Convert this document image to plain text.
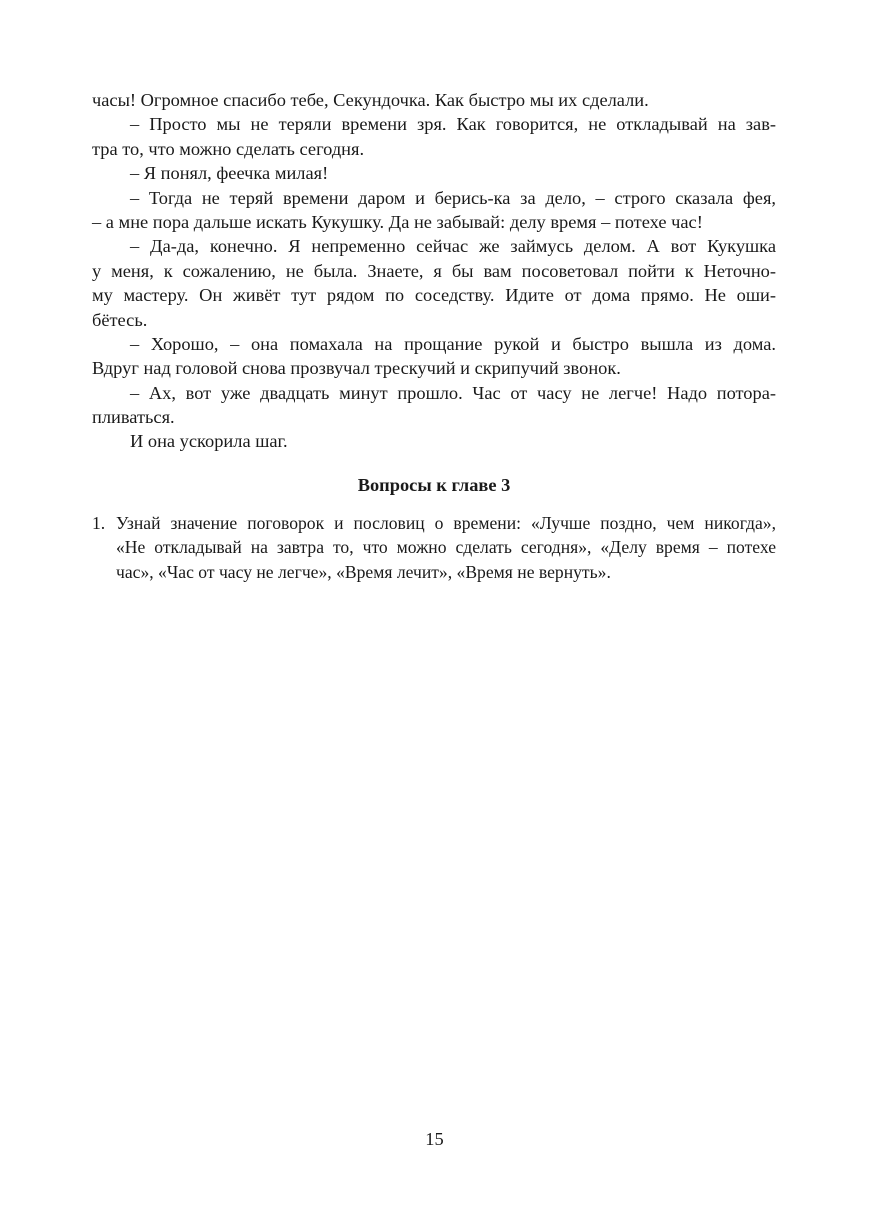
часы! Огромное спасибо тебе, Секундочка. Как быстро мы их сделали.
– Просто мы не теряли времени зря. Как говорится, не откладывай на зав-
тра то, что можно сделать сегодня.
– Я понял, феечка милая!
– Тогда не теряй времени даром и берись-ка за дело, – строго сказала фея,
– а мне пора дальше искать Кукушку. Да не забывай: делу время – потехе час!
– Да-да, конечно. Я непременно сейчас же займусь делом. А вот Кукушка
у меня, к сожалению, не была. Знаете, я бы вам посоветовал пойти к Неточно-
му мастеру. Он живёт тут рядом по соседству. Идите от дома прямо. Не оши-
бётесь.
– Хорошо, – она помахала на прощание рукой и быстро вышла из дома.
Вдруг над головой снова прозвучал трескучий и скрипучий звонок.
– Ах, вот уже двадцать минут прошло. Час от часу не легче! Надо потора-
пливаться.
И она ускорила шаг.
Вопросы к главе 3
1. Узнай значение поговорок и пословиц о времени: «Лучше поздно, чем никогда»,
«Не откладывай на завтра то, что можно сделать сегодня», «Делу время – потехе
час», «Час от часу не легче», «Время лечит», «Время не вернуть».
15
